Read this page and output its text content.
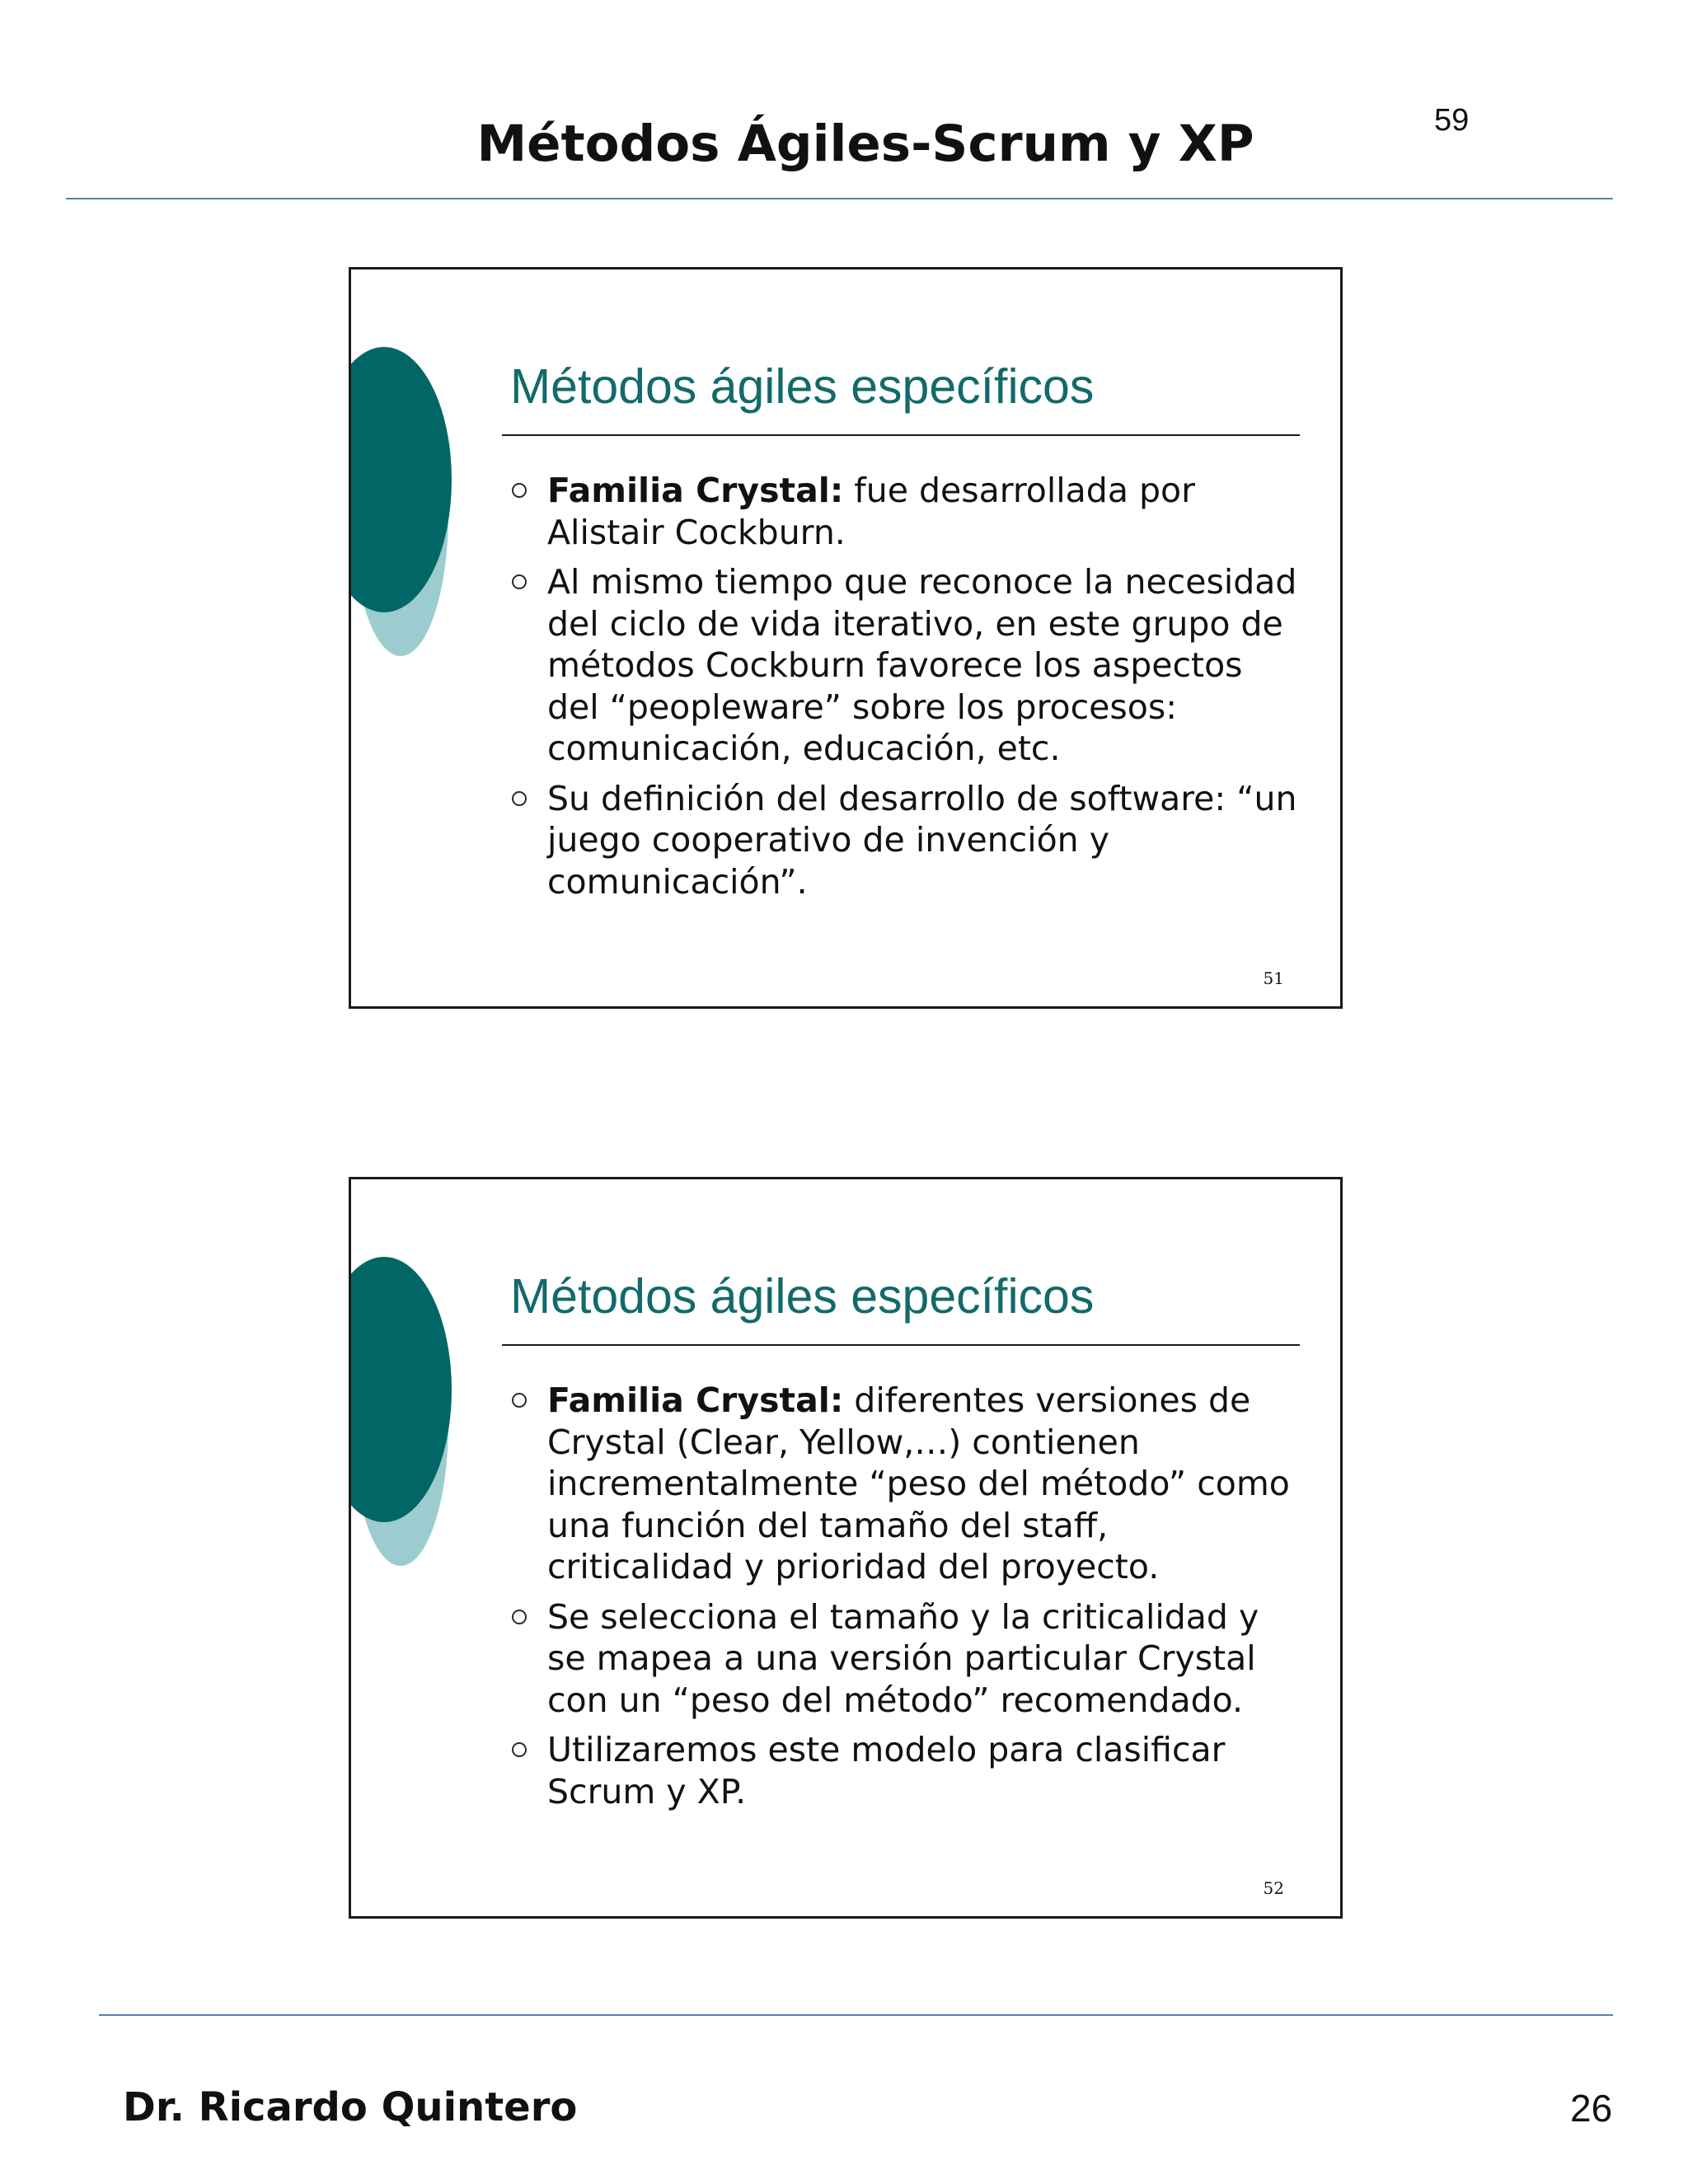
Métodos Ágiles-Scrum y XP	59
Métodos ágiles específicos
Familia Crystal: fue desarrollada por Alistair Cockburn.
Al mismo tiempo que reconoce la necesidad del ciclo de vida iterativo, en este grupo de métodos Cockburn favorece los aspectos del “peopleware” sobre los procesos: comunicación, educación, etc.
Su definición del desarrollo de software: “un juego cooperativo de invención y comunicación”.
51
Métodos ágiles específicos
Familia Crystal: diferentes versiones de Crystal (Clear, Yellow,…) contienen incrementalmente “peso del método” como una función del tamaño del staff, criticalidad y prioridad del proyecto.
Se selecciona el tamaño y la criticalidad y se mapea a una versión particular Crystal con un “peso del método” recomendado.
Utilizaremos este modelo para clasificar Scrum y XP.
52
Dr. Ricardo Quintero	26
